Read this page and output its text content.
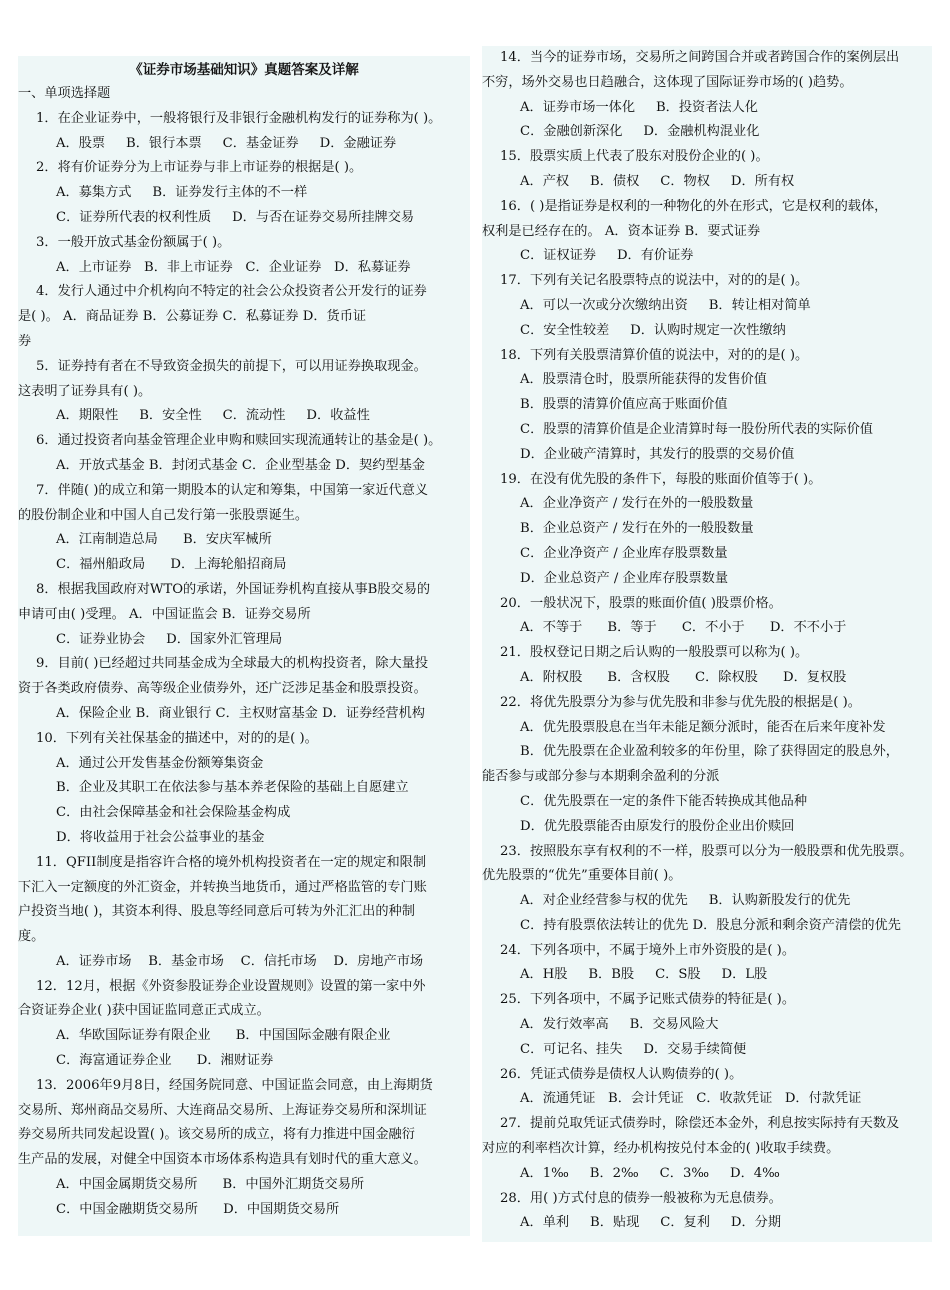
《证券市场基础知识》真题答案及详解
一、单项选择题
1．在企业证券中，一般将银行及非银行金融机构发行的证券称为( )。
A．股票     B．银行本票     C．基金证券     D．金融证券
2．将有价证券分为上市证券与非上市证券的根据是( )。
A．募集方式     B．证券发行主体的不一样
C．证券所代表的权利性质     D．与否在证券交易所挂牌交易
3．一般开放式基金份额属于( )。
A．上市证券   B．非上市证券   C．企业证券   D．私募证券
4．发行人通过中介机构向不特定的社会公众投资者公开发行的证券
是( )。 A．商品证券 B．公募证券 C．私募证券 D．货币证
券
5．证券持有者在不导致资金损失的前提下，可以用证券换取现金。
这表明了证券具有( )。
A．期限性     B．安全性     C．流动性     D．收益性
6．通过投资者向基金管理企业申购和赎回实现流通转让的基金是( )。
A．开放式基金 B．封闭式基金 C．企业型基金 D．契约型基金
7．伴随( )的成立和第一期股本的认定和筹集，中国第一家近代意义
的股份制企业和中国人自己发行第一张股票诞生。
A．江南制造总局      B．安庆军械所
C．福州船政局      D．上海轮船招商局
8．根据我国政府对WTO的承诺，外国证券机构直接从事B股交易的
申请可由( )受理。 A．中国证监会 B．证券交易所
C．证券业协会     D．国家外汇管理局
9．目前( )已经超过共同基金成为全球最大的机构投资者，除大量投
资于各类政府债券、高等级企业债券外，还广泛涉足基金和股票投资。
A．保险企业 B．商业银行 C．主权财富基金 D．证券经营机构
10．下列有关社保基金的描述中，对的的是( )。
A．通过公开发售基金份额筹集资金
B．企业及其职工在依法参与基本养老保险的基础上自愿建立
C．由社会保障基金和社会保险基金构成
D．将收益用于社会公益事业的基金
11．QFII制度是指容许合格的境外机构投资者在一定的规定和限制
下汇入一定额度的外汇资金，并转换当地货币，通过严格监管的专门账
户投资当地( )，其资本利得、股息等经同意后可转为外汇汇出的种制
度。
A．证券市场    B．基金市场    C．信托市场    D．房地产市场
12．12月，根据《外资参股证券企业设置规则》设置的第一家中外
合资证券企业( )获中国证监同意正式成立。
A．华欧国际证券有限企业      B．中国国际金融有限企业
C．海富通证券企业      D．湘财证券
13．2006年9月8日，经国务院同意、中国证监会同意，由上海期货
交易所、郑州商品交易所、大连商品交易所、上海证券交易所和深圳证
券交易所共同发起设置( )。该交易所的成立，将有力推进中国金融衍
生产品的发展，对健全中国资本市场体系构造具有划时代的重大意义。
A．中国金属期货交易所      B．中国外汇期货交易所
C．中国金融期货交易所      D．中国期货交易所
14．当今的证券市场，交易所之间跨国合并或者跨国合作的案例层出
不穷，场外交易也日趋融合，这体现了国际证券市场的( )趋势。
A．证券市场一体化     B．投资者法人化
C．金融创新深化     D．金融机构混业化
15．股票实质上代表了股东对股份企业的( )。
A．产权     B．债权     C．物权     D．所有权
16．( )是指证券是权利的一种物化的外在形式，它是权利的载体，
权利是已经存在的。 A．资本证券 B．要式证券
C．证权证券     D．有价证券
17．下列有关记名股票特点的说法中，对的的是( )。
A．可以一次或分次缴纳出资     B．转让相对简单
C．安全性较差     D．认购时规定一次性缴纳
18．下列有关股票清算价值的说法中，对的的是( )。
A．股票清仓时，股票所能获得的发售价值
B．股票的清算价值应高于账面价值
C．股票的清算价值是企业清算时每一股份所代表的实际价值
D．企业破产清算时，其发行的股票的交易价值
19．在没有优先股的条件下，每股的账面价值等于( )。
A．企业净资产 / 发行在外的一般股数量
B．企业总资产 / 发行在外的一般股数量
C．企业净资产 / 企业库存股票数量
D．企业总资产 / 企业库存股票数量
20．一般状况下，股票的账面价值( )股票价格。
A．不等于      B．等于      C．不小于      D．不不小于
21．股权登记日期之后认购的一般股票可以称为( )。
A．附权股      B．含权股      C．除权股      D．复权股
22．将优先股票分为参与优先股和非参与优先股的根据是( )。
A．优先股票股息在当年未能足额分派时，能否在后来年度补发
B．优先股票在企业盈利较多的年份里，除了获得固定的股息外，
能否参与或部分参与本期剩余盈利的分派
C．优先股票在一定的条件下能否转换成其他品种
D．优先股票能否由原发行的股份企业出价赎回
23．按照股东享有权利的不一样，股票可以分为一般股票和优先股票。
优先股票的“优先”重要体目前( )。
A．对企业经营参与权的优先     B．认购新股发行的优先
C．持有股票依法转让的优先 D．股息分派和剩余资产清偿的优先
24．下列各项中，不属于境外上市外资股的是( )。
A．H股     B．B股     C．S股     D．L股
25．下列各项中，不属予记账式债券的特征是( )。
A．发行效率高     B．交易风险大
C．可记名、挂失     D．交易手续简便
26．凭证式债券是债权人认购债券的( )。
A．流通凭证   B．会计凭证   C．收款凭证   D．付款凭证
27．提前兑取凭证式债券时，除偿还本金外，利息按实际持有天数及
对应的利率档次计算，经办机构按兑付本金的( )收取手续费。
A．1‰     B．2‰     C．3‰     D．4‰
28．用( )方式付息的债券一般被称为无息债券。
A．单利     B．贴现     C．复利     D．分期
